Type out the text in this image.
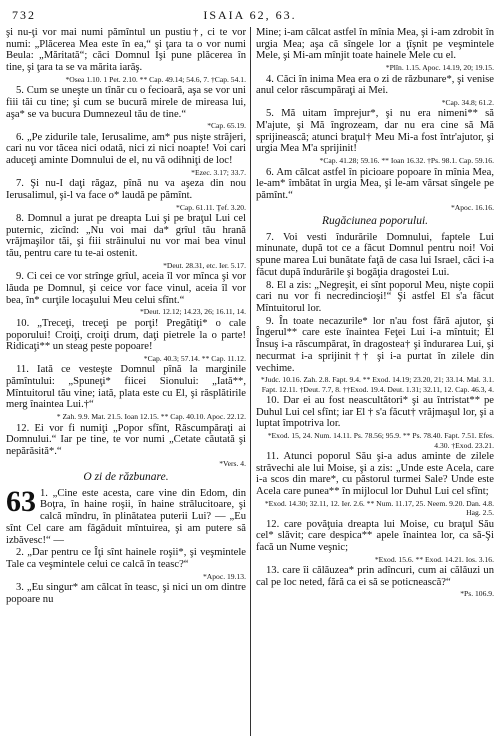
732	ISAIA 62, 63.

şi nu-ţi vor mai numi pămîntul un pustiu†, ci te vor numi: „Plăcerea Mea este în ea,“ şi ţara ta o vor numi Beula: „Măritată“; căci Domnul Işi pune plăcerea în tine, şi ţara ta se va mărita iarăş.

*Osea 1.10. 1 Pet. 2.10. ** Cap. 49.14; 54.6, 7. †Cap. 54.1.

5. Cum se uneşte un tînăr cu o fecioară, aşa se vor uni fiii tăi cu tine; şi cum se bucură mirele de mireasa lui, aşa* se va bucura Dumnezeul tău de tine.“

*Cap. 65.19.

6. „Pe zidurile tale, Ierusalime, am* pus nişte străjeri, cari nu vor tăcea nici odată, nici zi nici noapte! Voi cari aduceţi aminte Domnului de el, nu vă odihniţi de loc!

*Ezec. 3.17; 33.7.

7. Şi nu-I daţi răgaz, pînă nu va aşeza din nou Ierusalimul, şi-l va face o* laudă pe pămînt.

*Cap. 61.11. Ţef. 3.20.

8. Domnul a jurat pe dreapta Lui şi pe braţul Lui cel puternic, zicînd: „Nu voi mai da* grîul tău hrană vrăjmaşilor tăi, şi fiii străinului nu vor mai bea vinul tău, pentru care tu te-ai ostenit.

*Deut. 28.31, etc. Ier. 5.17.

9. Ci cei ce vor strînge grîul, aceia îl vor mînca şi vor lăuda pe Domnul, şi ceice vor face vinul, aceia îl vor bea, în* curţile locaşului Meu celui sfînt.“

*Deut. 12.12; 14.23, 26; 16.11, 14.

10. „Treceţi, treceţi pe porţi! Pregătiţi* o cale poporului! Croiţi, croiţi drum, daţi pietrele la o parte! Ridicaţi** un steag peste popoare!

*Cap. 40.3; 57.14. ** Cap. 11.12.

11. Iată ce vesteşte Domnul pînă la marginile pămîntului: „Spuneţi* fiicei Sionului: „Iată**, Mîntuitorul tău vine; iată, plata este cu El, şi răsplătirile merg înaintea Lui.†“

* Zah. 9.9. Mat. 21.5. Ioan 12.15. ** Cap. 40.10. Apoc. 22.12.

12. Ei vor fi numiţi „Popor sfînt, Răscumpăraţi ai Domnului.“ Iar pe tine, te vor numi „Cetate căutată şi nepărăsită*.“

*Vers. 4.

O zi de răzbunare.

63 1. „Cine este acesta, care vine din Edom, din Boţra, în haine roşii, în haine strălucitoare, şi calcă mîndru, în plinătatea puterii Lui? — „Eu sînt Cel care am făgăduit mîntuirea, şi am putere să izbăvesc!“ —

2. „Dar pentru ce Îţi sînt hainele roşii*, şi veşmintele Tale ca veşmintele celui ce calcă în teasc?“

*Apoc. 19.13.

3. „Eu singur* am călcat în teasc, şi nici un om dintre popoare nu

Mine; i-am călcat astfel în mînia Mea, şi i-am zdrobit în urgia Mea; aşa că sîngele lor a ţîşnit pe veşmintele Mele, şi Mi-am mînjit toate hainele Mele cu el.

*Plîn. 1.15. Apoc. 14.19, 20; 19.15.

4. Căci în inima Mea era o zi de răzbunare*, şi venise anul celor răscumpăraţi ai Mei.

*Cap. 34.8; 61.2.

5. Mă uitam împrejur*, şi nu era nimeni** să M'ajute, şi Mă îngrozeam, dar nu era cine să Mă sprijinească; atunci braţul† Meu Mi-a fost într'ajutor, şi urgia Mea M'a sprijinit!

*Cap. 41.28; 59.16. ** Ioan 16.32. †Ps. 98.1. Cap. 59.16.

6. Am călcat astfel în picioare popoare în mînia Mea, le-am* îmbătat în urgia Mea, şi le-am vărsat sîngele pe pămînt.“

*Apoc. 16.16.

Rugăciunea poporului.

7. Voi vesti îndurările Domnului, faptele Lui minunate, după tot ce a făcut Domnul pentru noi! Voi spune marea Lui bunătate faţă de casa lui Israel, căci i-a făcut după îndurările şi bogăţia dragostei Lui.

8. El a zis: „Negreşit, ei sînt poporul Meu, nişte copii cari nu vor fi necredincioşi!“ Şi astfel El s'a făcut Mîntuitorul lor.

9. În toate necazurile* lor n'au fost fără ajutor, şi Îngerul** care este înaintea Feţei Lui i-a mîntuit; El Însuş i-a răscumpărat, în dragostea† şi îndurarea Lui, şi necurmat i-a sprijinit†† şi i-a purtat în zilele din vechime.

*Judc. 10.16. Zah. 2.8. Fapt. 9.4. ** Exod. 14.19; 23.20, 21; 33.14. Mal. 3.1. Fapt. 12.11. †Deut. 7.7, 8. ††Exod. 19.4. Deut. 1.31; 32.11, 12. Cap. 46.3, 4.

10. Dar ei au fost neascultători* şi au întristat** pe Duhul Lui cel sfînt; iar El † s'a făcut† vrăjmaşul lor, şi a luptat împotriva lor.

*Exod. 15, 24. Num. 14.11. Ps. 78.56; 95.9. ** Ps. 78.40. Fapt. 7.51. Efes. 4.30. †Exod. 23.21.

11. Atunci poporul Său şi-a adus aminte de zilele străvechi ale lui Moise, şi a zis: „Unde este Acela, care i-a scos din mare*, cu păstorul turmei Sale? Unde este Acela care punea** în mijlocul lor Duhul Lui cel sfînt;

*Exod. 14.30; 32.11, 12. Ier. 2.6. ** Num. 11.17, 25. Neem. 9.20. Dan. 4.8. Hag. 2.5.

12. care povăţuia dreapta lui Moise, cu braţul Său cel* slăvit; care despica** apele înaintea lor, ca să-Şi facă un Nume veşnic;

*Exod. 15.6. ** Exod. 14.21. Ios. 3.16.

13. care îi călăuzea* prin adîncuri, cum ai călăuzi un cal pe loc neted, fără ca ei să se poticnească?“

*Ps. 106.9.
